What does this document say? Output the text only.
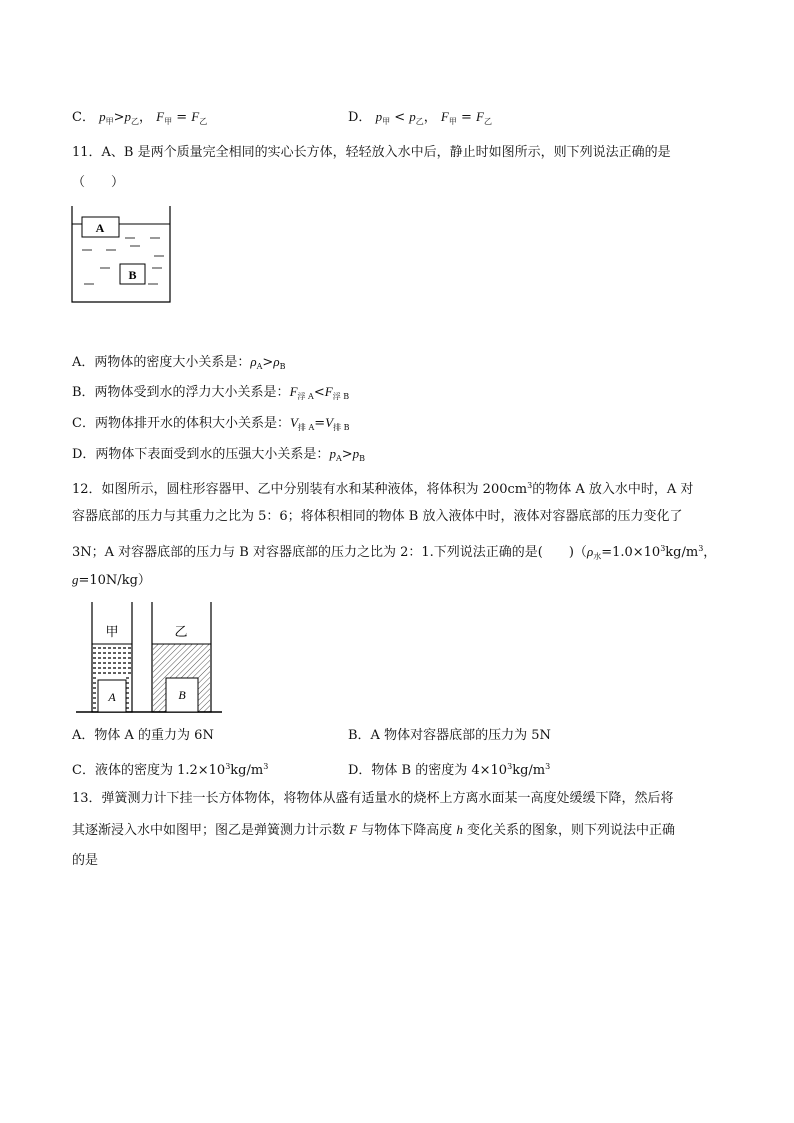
C． $p_甲>p_乙$， $F_甲 = F_乙$	D． $p_甲 < p_乙$， $F_甲 = F_乙$
11．A、B 是两个质量完全相同的实心长方体，轻轻放入水中后，静止时如图所示，则下列说法正确的是
（　　）
A
B
A．两物体的密度大小关系是：$\rho_A>\rho_B$
B．两物体受到水的浮力大小关系是：$F_{浮 A}<F_{浮 B}$
C．两物体排开水的体积大小关系是：$V_{排 A}=V_{排 B}$
D．两物体下表面受到水的压强大小关系是：$p_A>p_B$
12．如图所示，圆柱形容器甲、乙中分别装有水和某种液体，将体积为 $200cm^3$的物体 A 放入水中时，A 对
容器底部的压力与其重力之比为 5：6；将体积相同的物体 B 放入液体中时，液体对容器底部的压力变化了
3N；A 对容器底部的压力与 B 对容器底部的压力之比为 2：1.下列说法正确的是(　　)（$\rho_水=1.0\times 10^3kg/m^3$，
g=10N/kg）
A	B
甲	乙
A．物体 A 的重力为 6N	B．A 物体对容器底部的压力为 5N
C．液体的密度为 $1.2\times 10^3kg/m^3$	D．物体 B 的密度为 $4\times 10^3kg/m^3$
13．弹簧测力计下挂一长方体物体，将物体从盛有适量水的烧杯上方离水面某一高度处缓缓下降，然后将
其逐渐浸入水中如图甲；图乙是弹簧测力计示数 F 与物体下降高度 h 变化关系的图象，则下列说法中正确
的是
